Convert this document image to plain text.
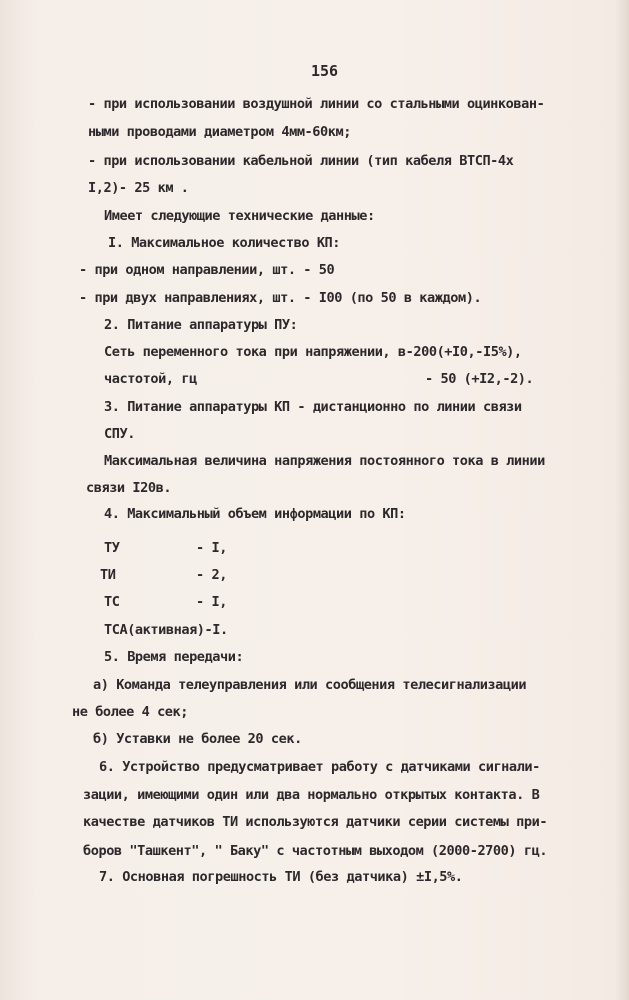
156
- при использовании воздушной линии со стальными оцинкован-
ными проводами диаметром 4мм-60км;
- при использовании кабельной линии (тип кабеля ВТСП-4х
I,2)- 25 км .
Имеет следующие технические данные:
I. Максимальное количество КП:
- при одном направлении, шт. - 50
- при двух направлениях, шт. - I00 (по 50 в каждом).
2. Питание аппаратуры ПУ:
Сеть переменного тока при напряжении, в-200(+I0,-I5%),
частотой, гц	- 50 (+I2,-2).
3. Питание аппаратуры КП - дистанционно по линии связи
СПУ.
Максимальная величина напряжения постоянного тока в линии
связи I20в.
4. Максимальный объем информации по КП:
ТУ	- I,
ТИ	- 2,
ТС	- I,
ТСА(активная)-I.
5. Время передачи:
а) Команда телеуправления или сообщения телесигнализации
не более 4 сек;
б) Уставки не более 20 сек.
6. Устройство предусматривает работу с датчиками сигнали-
зации, имеющими один или два нормально открытых контакта. В
качестве датчиков ТИ используются датчики серии системы при-
боров "Ташкент", " Баку" с частотным выходом (2000-2700) гц.
7. Основная погрешность ТИ (без датчика) ±I,5%.
